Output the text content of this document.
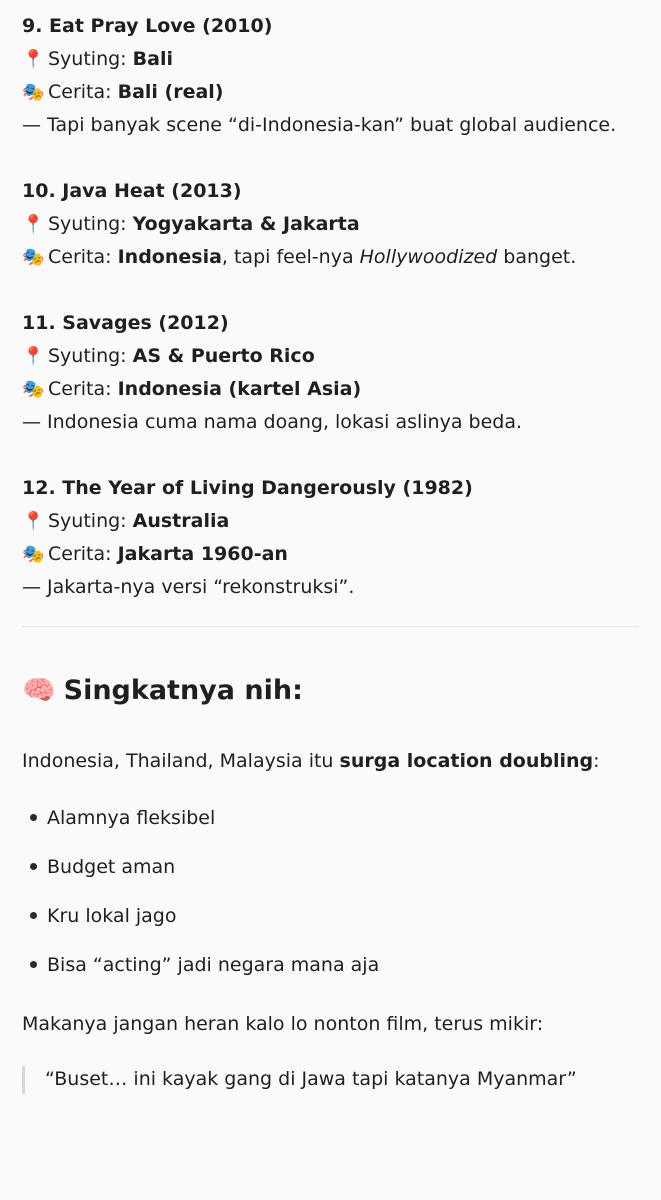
9. Eat Pray Love (2010)
📍 Syuting: Bali
🎭 Cerita: Bali (real)
— Tapi banyak scene “di-Indonesia-kan” buat global audience.
10. Java Heat (2013)
📍 Syuting: Yogyakarta & Jakarta
🎭 Cerita: Indonesia, tapi feel-nya Hollywoodized banget.
11. Savages (2012)
📍 Syuting: AS & Puerto Rico
🎭 Cerita: Indonesia (kartel Asia)
— Indonesia cuma nama doang, lokasi aslinya beda.
12. The Year of Living Dangerously (1982)
📍 Syuting: Australia
🎭 Cerita: Jakarta 1960-an
— Jakarta-nya versi “rekonstruksi”.
🧠 Singkatnya nih:
Indonesia, Thailand, Malaysia itu surga location doubling:
Alamnya fleksibel
Budget aman
Kru lokal jago
Bisa “acting” jadi negara mana aja
Makanya jangan heran kalo lo nonton film, terus mikir:
“Buset… ini kayak gang di Jawa tapi katanya Myanmar”
